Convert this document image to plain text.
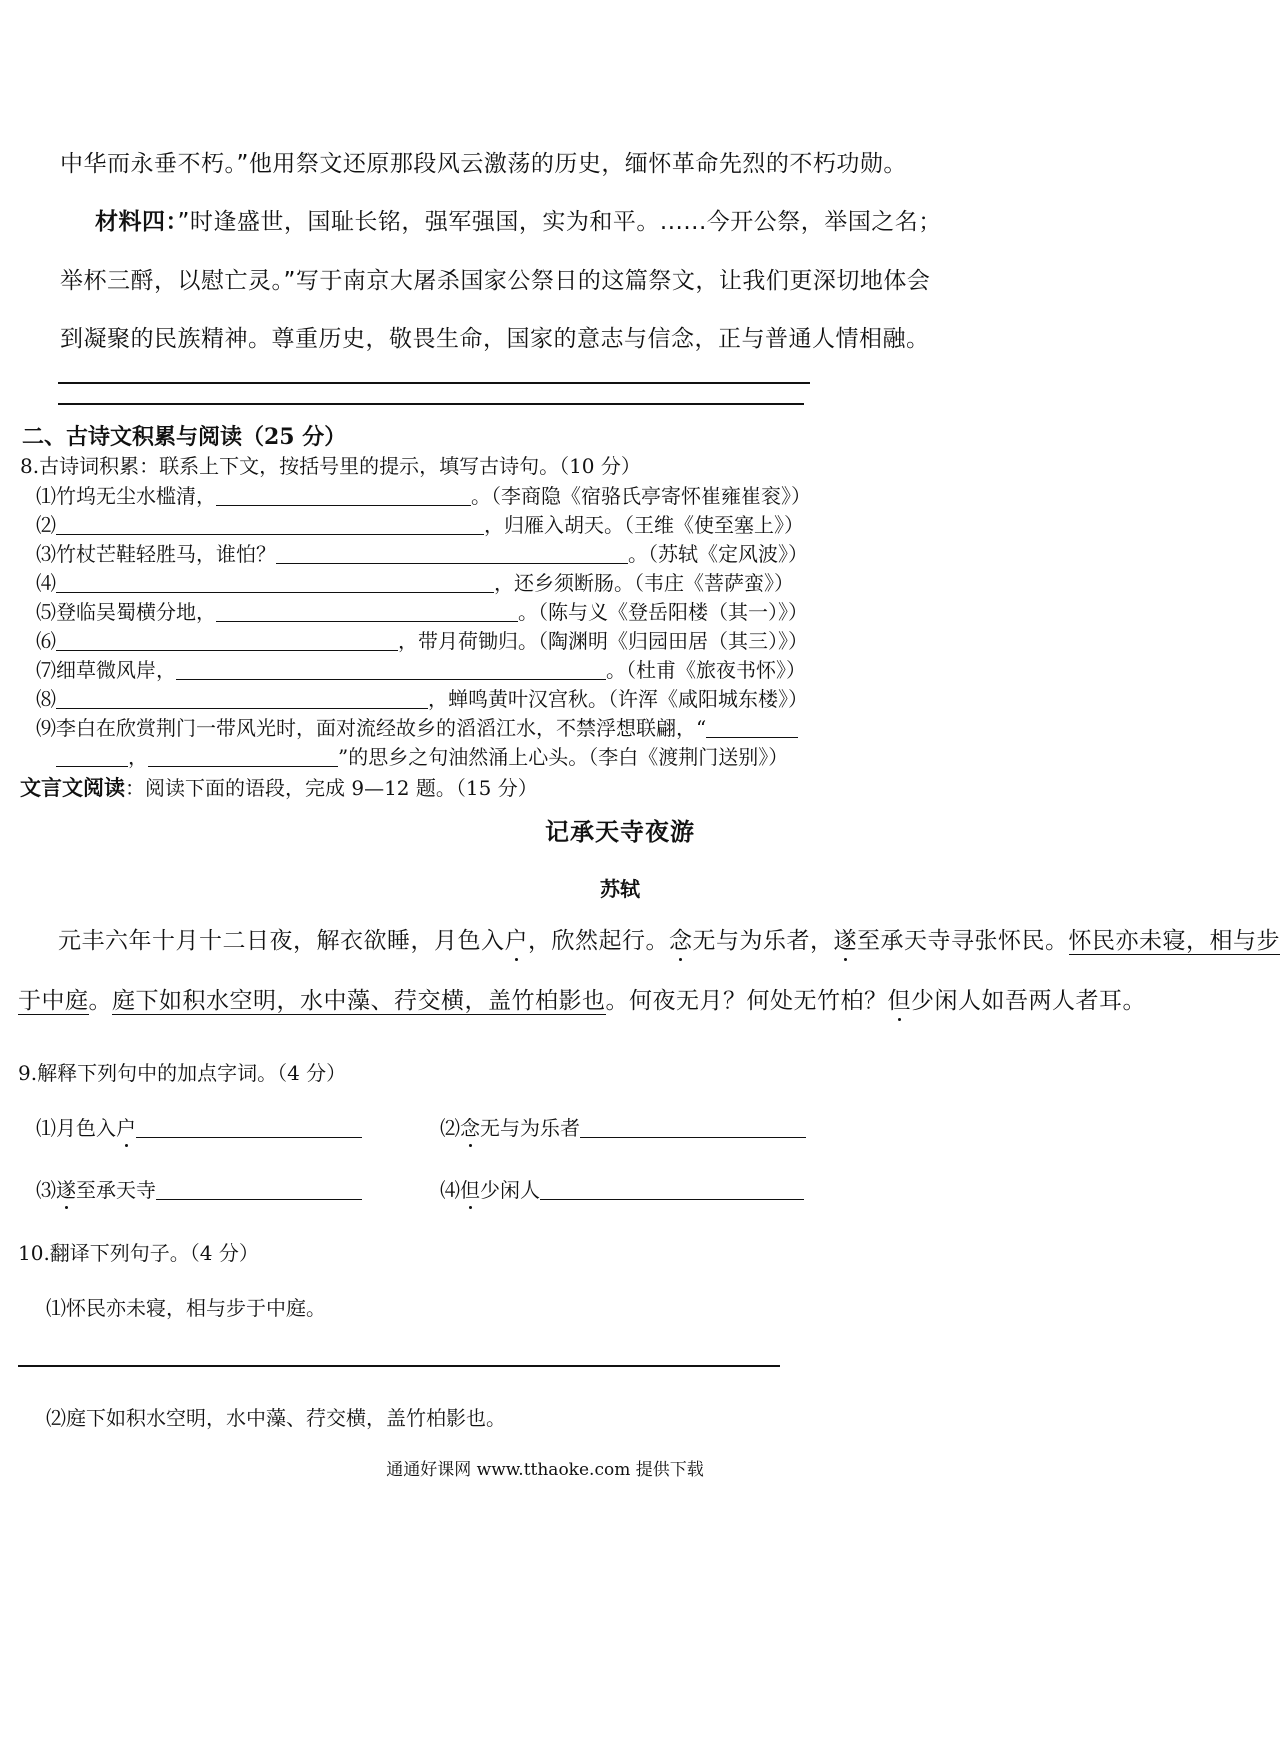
中华而永垂不朽。”他用祭文还原那段风云激荡的历史，缅怀革命先烈的不朽功勋。
材料四：”时逢盛世，国耻长铭，强军强国，实为和平。......今开公祭，举国之名；
举杯三酹，以慰亡灵。”写于南京大屠杀国家公祭日的这篇祭文，让我们更深切地体会
到凝聚的民族精神。尊重历史，敬畏生命，国家的意志与信念，正与普通人情相融。
二、古诗文积累与阅读（25 分）
8.古诗词积累：联系上下文，按括号里的提示，填写古诗句。（10 分）
⑴竹坞无尘水槛清，	。（李商隐《宿骆氏亭寄怀崔雍崔衮》）
⑵	，归雁入胡天。（王维《使至塞上》）
⑶竹杖芒鞋轻胜马，谁怕？	。（苏轼《定风波》）
⑷	，还乡须断肠。（韦庄《菩萨蛮》）
⑸登临吴蜀横分地，	。（陈与义《登岳阳楼（其一）》）
⑹	，带月荷锄归。（陶渊明《归园田居（其三）》）
⑺细草微风岸，	。（杜甫《旅夜书怀》）
⑻	，蝉鸣黄叶汉宫秋。（许浑《咸阳城东楼》）
⑼李白在欣赏荆门一带风光时，面对流经故乡的滔滔江水，不禁浮想联翩，“
，	”的思乡之句油然涌上心头。（李白《渡荆门送别》）
文言文阅读：阅读下面的语段，完成 9—12 题。（15 分）
记承天寺夜游
苏轼
元丰六年十月十二日夜，解衣欲睡，月色入户，欣然起行。念无与为乐者，遂至承天寺寻张怀民。怀民亦未寝，相与步
于中庭。庭下如积水空明，水中藻、荇交横，盖竹柏影也。何夜无月？何处无竹柏？但少闲人如吾两人者耳。
9.解释下列句中的加点字词。（4 分）
⑴月色入户	⑵念无与为乐者
⑶遂至承天寺	⑷但少闲人
10.翻译下列句子。（4 分）
⑴怀民亦未寝，相与步于中庭。
⑵庭下如积水空明，水中藻、荇交横，盖竹柏影也。
通通好课网 www.tthaoke.com 提供下载
